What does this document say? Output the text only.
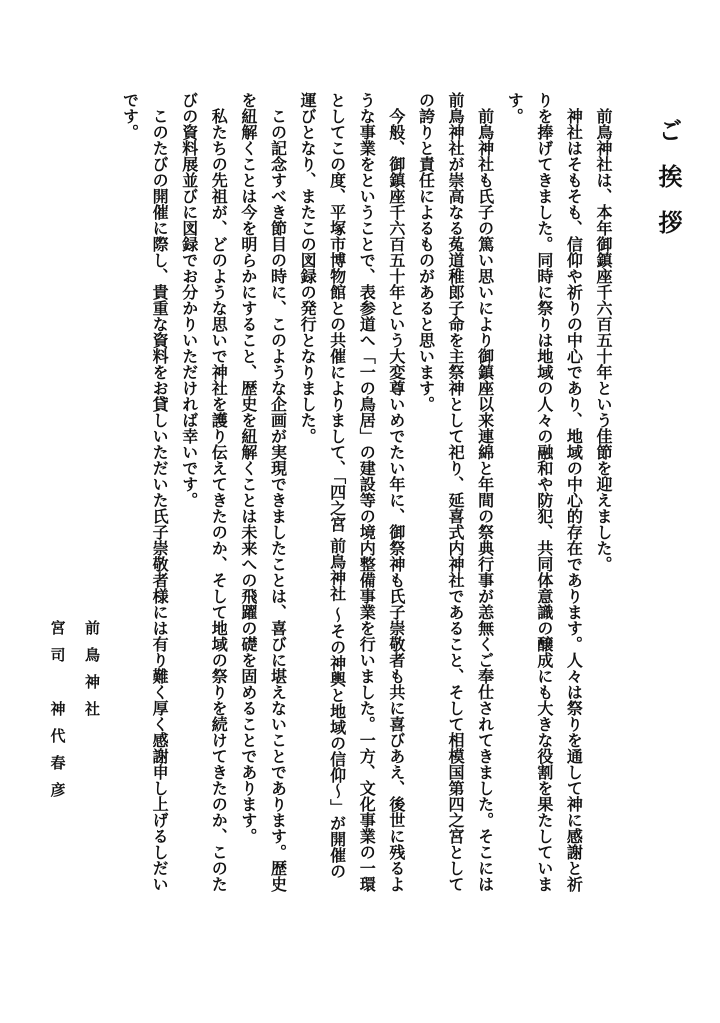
ご挨拶

前鳥神社は、本年御鎮座千六百五十年という佳節を迎えました。

神社はそもそも、信仰や祈りの中心であり、地域の中心的存在であります。人々は祭りを通して神に感謝と祈りを捧げてきました。同時に祭りは地域の人々の融和や防犯、共同体意識の醸成にも大きな役割を果たしています。

前鳥神社も氏子の篤い思いにより御鎮座以来連綿と年間の祭典行事が恙無くご奉仕されてきました。そこには前鳥神社が崇高なる菟道稚郎子命を主祭神として祀り、延喜式内神社であること、そして相模国第四之宮としての誇りと責任によるものがあると思います。

今般、御鎮座千六百五十年という大変尊いめでたい年に、御祭神も氏子崇敬者も共に喜びあえ、後世に残るような事業をということで、表参道へ「一の鳥居」の建設等の境内整備事業を行いました。一方、文化事業の一環としてこの度、平塚市博物館との共催によりまして、「四之宮 前鳥神社 ～その神輿と地域の信仰～」が開催の運びとなり、またこの図録の発行となりました。

この記念すべき節目の時に、このような企画が実現できましたことは、喜びに堪えないことであります。歴史を紐解くことは今を明らかにすること、歴史を紐解くことは未来への飛躍の礎を固めることであります。

私たちの先祖が、どのような思いで神社を護り伝えてきたのか、そして地域の祭りを続けてきたのか、このたびの資料展並びに図録でお分かりいただければ幸いです。

このたびの開催に際し、貴重な資料をお貸しいただいた氏子崇敬者様には有り難く厚く感謝申し上げるしだいです。

前鳥神社
宮司　神代春彦
